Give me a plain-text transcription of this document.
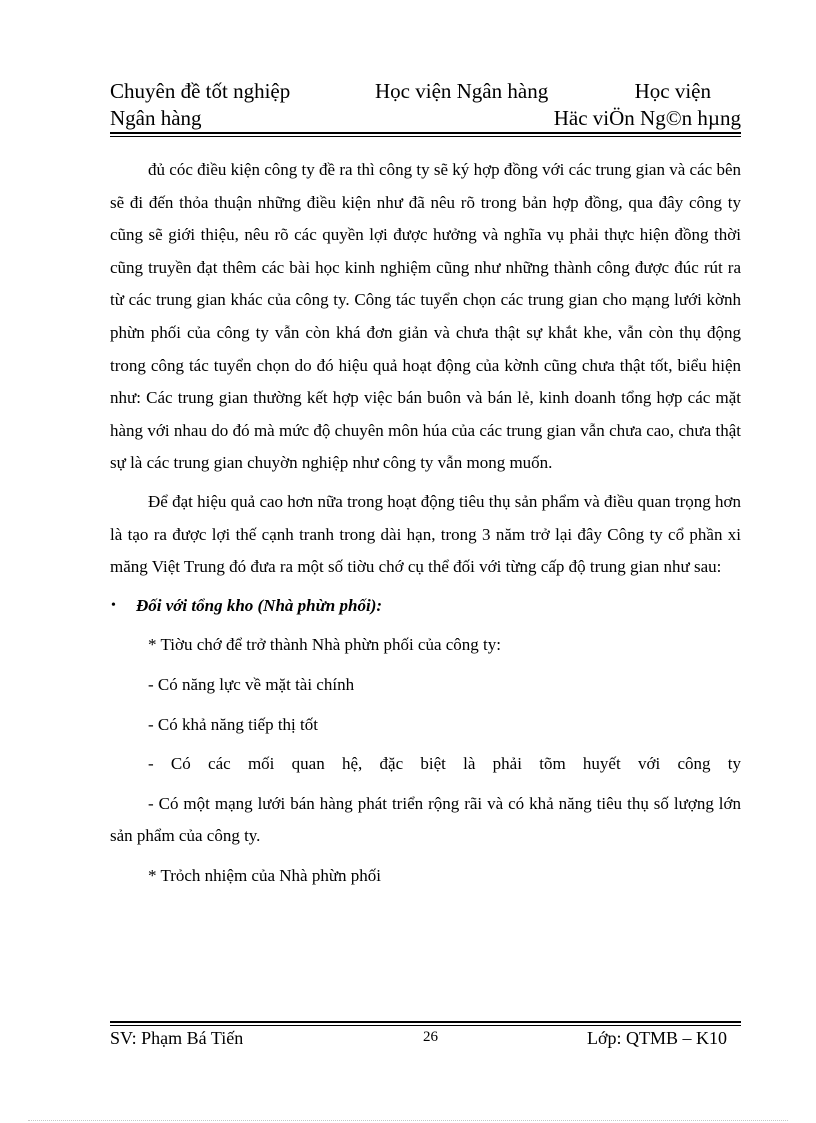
Chuyên đề tốt nghiệp	Học viện Ngân hàng	Học viện
Ngân hàng	Häc viÖn Ng©n hµng

đủ cóc điều kiện công ty đề ra thì công ty sẽ ký hợp đồng với các trung gian và các bên sẽ đi đến thỏa thuận những điều kiện như đã nêu rõ trong bản hợp đồng, qua đây công ty cũng sẽ giới thiệu, nêu rõ các quyền lợi được hưởng và nghĩa vụ phải thực hiện đồng thời cũng truyền đạt thêm các bài học kinh nghiệm cũng như những thành công được đúc rút ra từ các trung gian khác của công ty. Công tác tuyển chọn các trung gian cho mạng lưới kờnh phừn phối của công ty vẫn còn khá đơn giản và chưa thật sự khắt khe, vẫn còn thụ động trong công tác tuyển chọn do đó hiệu quả hoạt động của kờnh cũng chưa thật tốt, biểu hiện như: Các trung gian thường kết hợp việc bán buôn và bán lẻ, kinh doanh tổng hợp các mặt hàng với nhau do đó mà mức độ chuyên môn húa của các trung gian vẫn chưa cao, chưa thật sự là các trung gian chuyờn nghiệp như công ty vẫn mong muốn.

Để đạt hiệu quả cao hơn nữa trong hoạt động tiêu thụ sản phẩm và điều quan trọng hơn là tạo ra được lợi thế cạnh tranh trong dài hạn, trong 3 năm trở lại đây Công ty cổ phần xi măng Việt Trung đó đưa ra một số tiờu chớ cụ thể đối với từng cấp độ trung gian như sau:

• Đối với tổng kho (Nhà phừn phối):

* Tiờu chớ để trở thành Nhà phừn phối của công ty:

- Có năng lực về mặt tài chính

- Có khả năng tiếp thị tốt

- Có các mối quan hệ, đặc biệt là phải tõm huyết với công ty

- Có một mạng lưới bán hàng phát triển rộng rãi và có khả năng tiêu thụ số lượng lớn sản phẩm của công ty.

* Trỏch nhiệm của Nhà phừn phối

SV: Phạm Bá Tiến	26	Lớp: QTMB – K10
